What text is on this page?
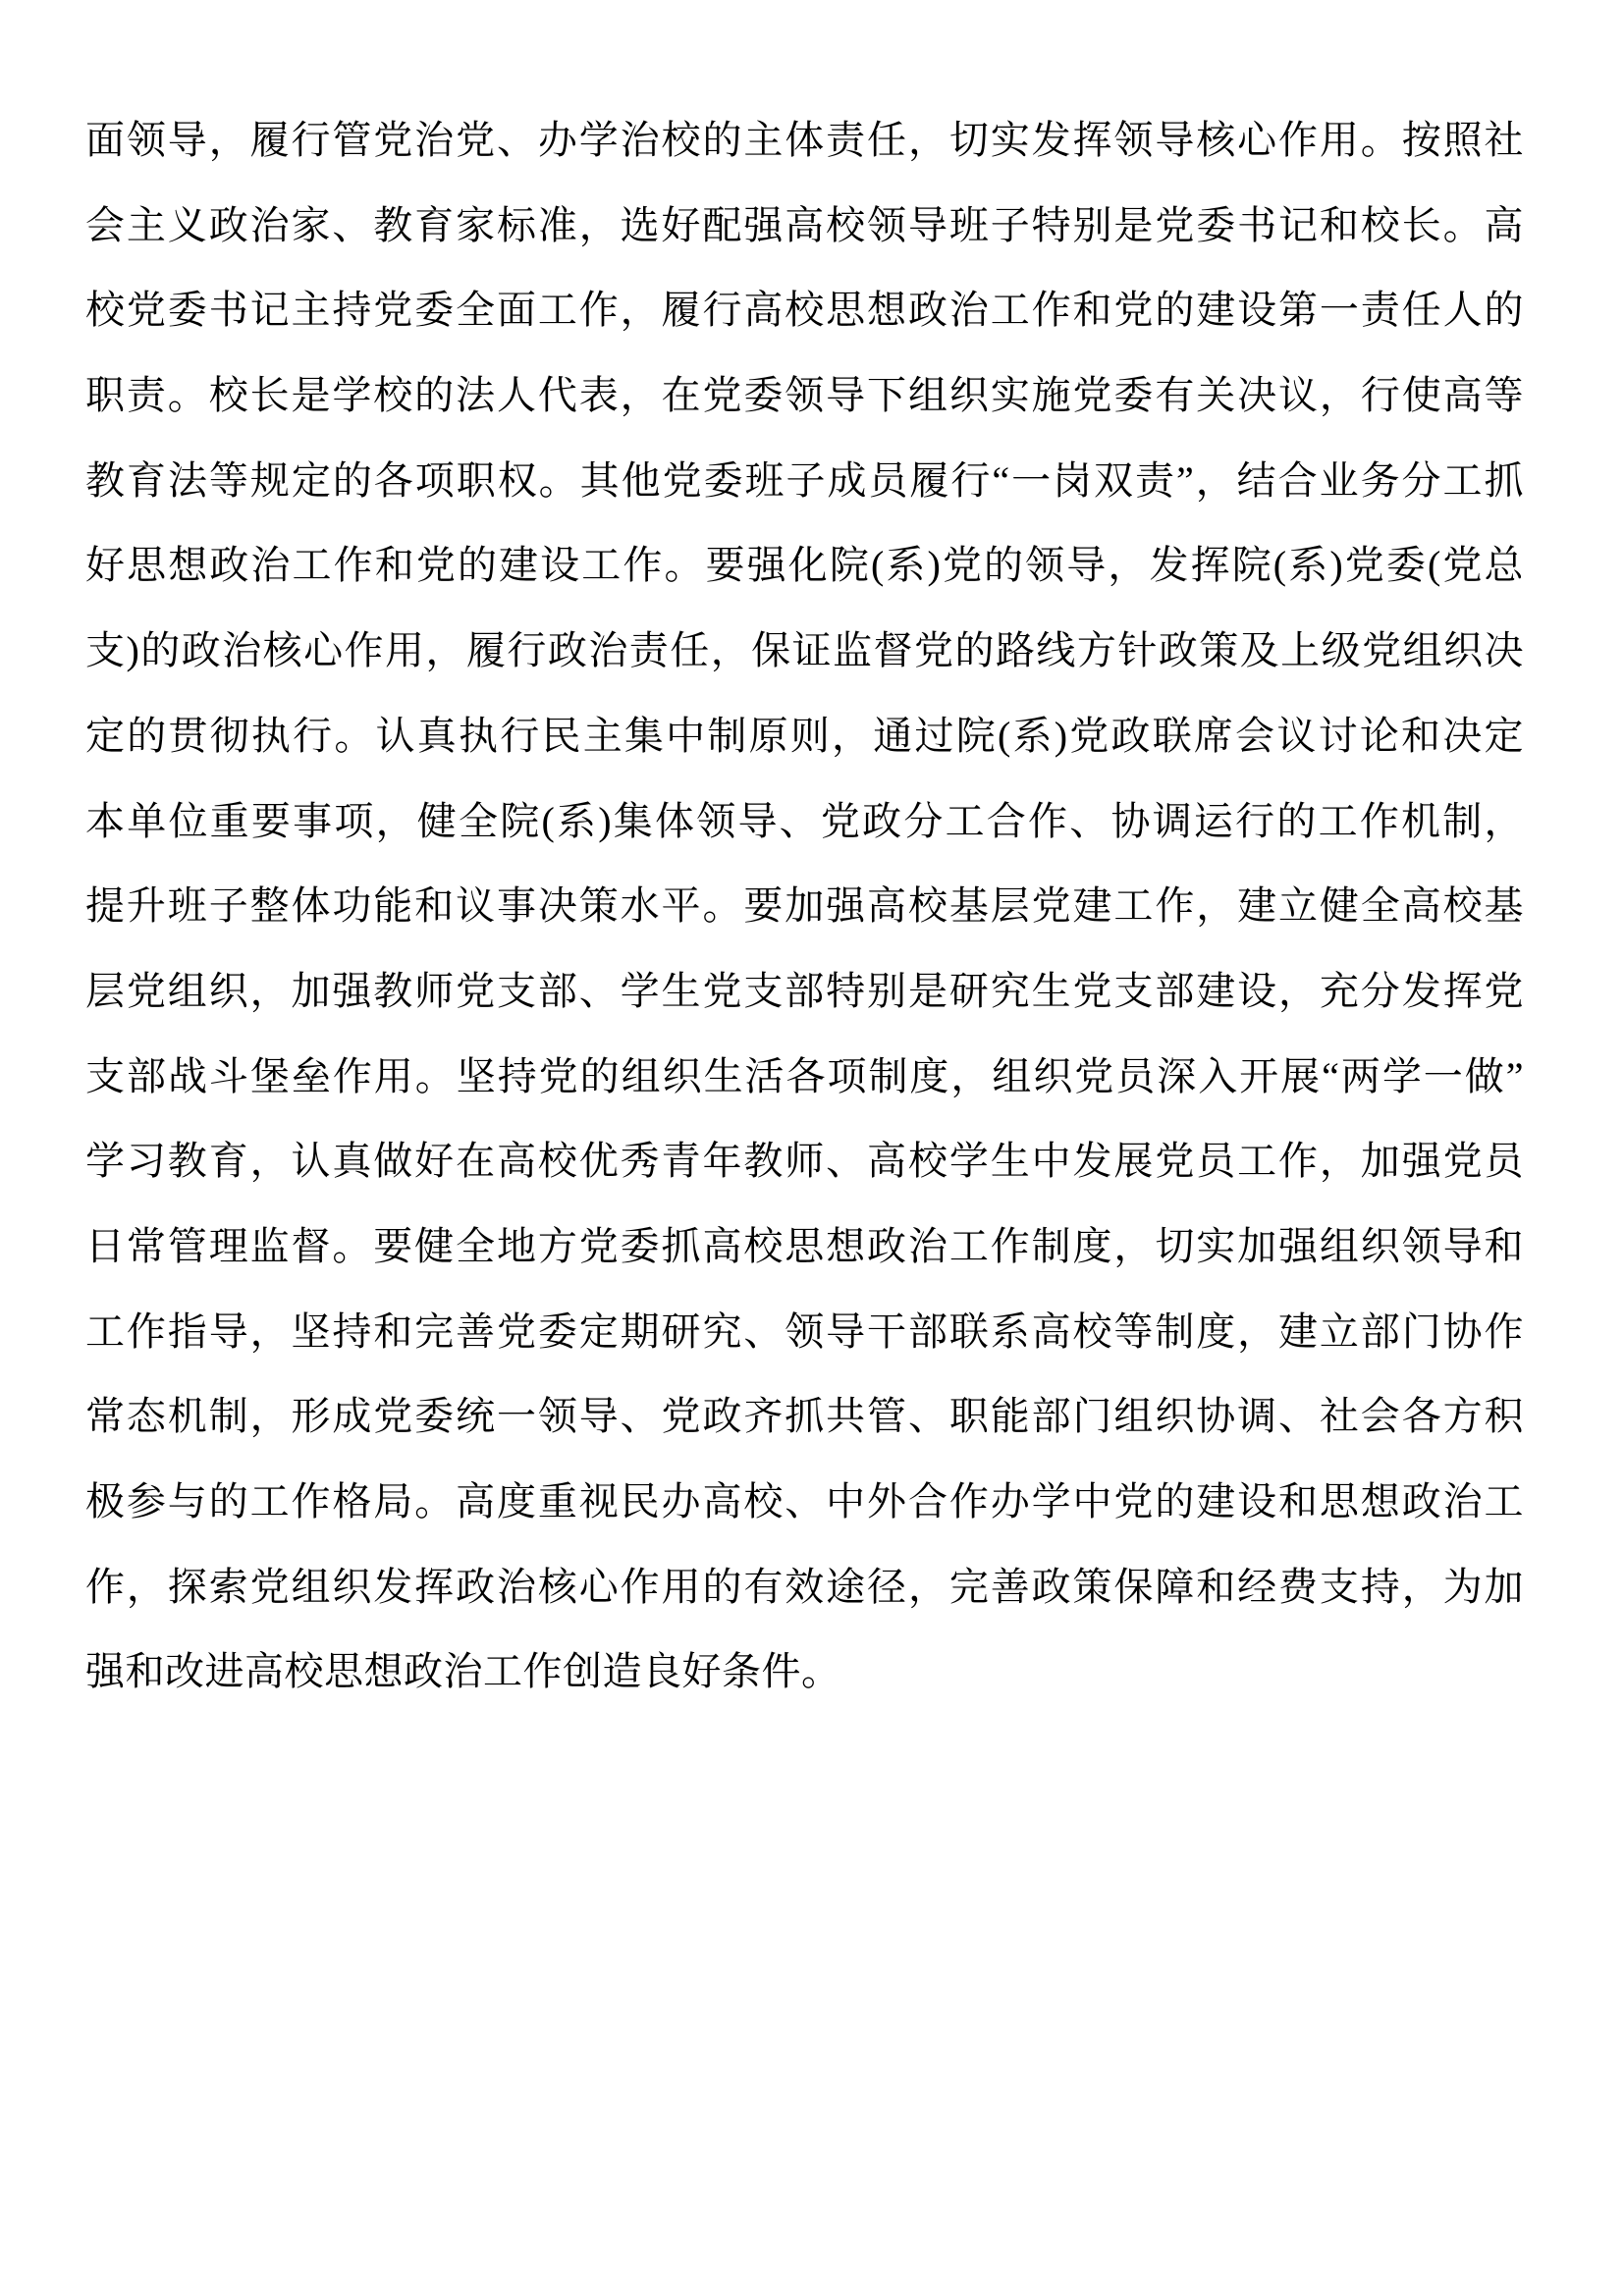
面领导，履行管党治党、办学治校的主体责任，切实发挥领导核心作用。按照社
会主义政治家、教育家标准，选好配强高校领导班子特别是党委书记和校长。高
校党委书记主持党委全面工作，履行高校思想政治工作和党的建设第一责任人的
职责。校长是学校的法人代表，在党委领导下组织实施党委有关决议，行使高等
教育法等规定的各项职权。其他党委班子成员履行“一岗双责”，结合业务分工抓
好思想政治工作和党的建设工作。要强化院(系)党的领导，发挥院(系)党委(党总
支)的政治核心作用，履行政治责任，保证监督党的路线方针政策及上级党组织决
定的贯彻执行。认真执行民主集中制原则，通过院(系)党政联席会议讨论和决定
本单位重要事项，健全院(系)集体领导、党政分工合作、协调运行的工作机制，
提升班子整体功能和议事决策水平。要加强高校基层党建工作，建立健全高校基
层党组织，加强教师党支部、学生党支部特别是研究生党支部建设，充分发挥党
支部战斗堡垒作用。坚持党的组织生活各项制度，组织党员深入开展“两学一做”
学习教育，认真做好在高校优秀青年教师、高校学生中发展党员工作，加强党员
日常管理监督。要健全地方党委抓高校思想政治工作制度，切实加强组织领导和
工作指导，坚持和完善党委定期研究、领导干部联系高校等制度，建立部门协作
常态机制，形成党委统一领导、党政齐抓共管、职能部门组织协调、社会各方积
极参与的工作格局。高度重视民办高校、中外合作办学中党的建设和思想政治工
作，探索党组织发挥政治核心作用的有效途径，完善政策保障和经费支持，为加
强和改进高校思想政治工作创造良好条件。
